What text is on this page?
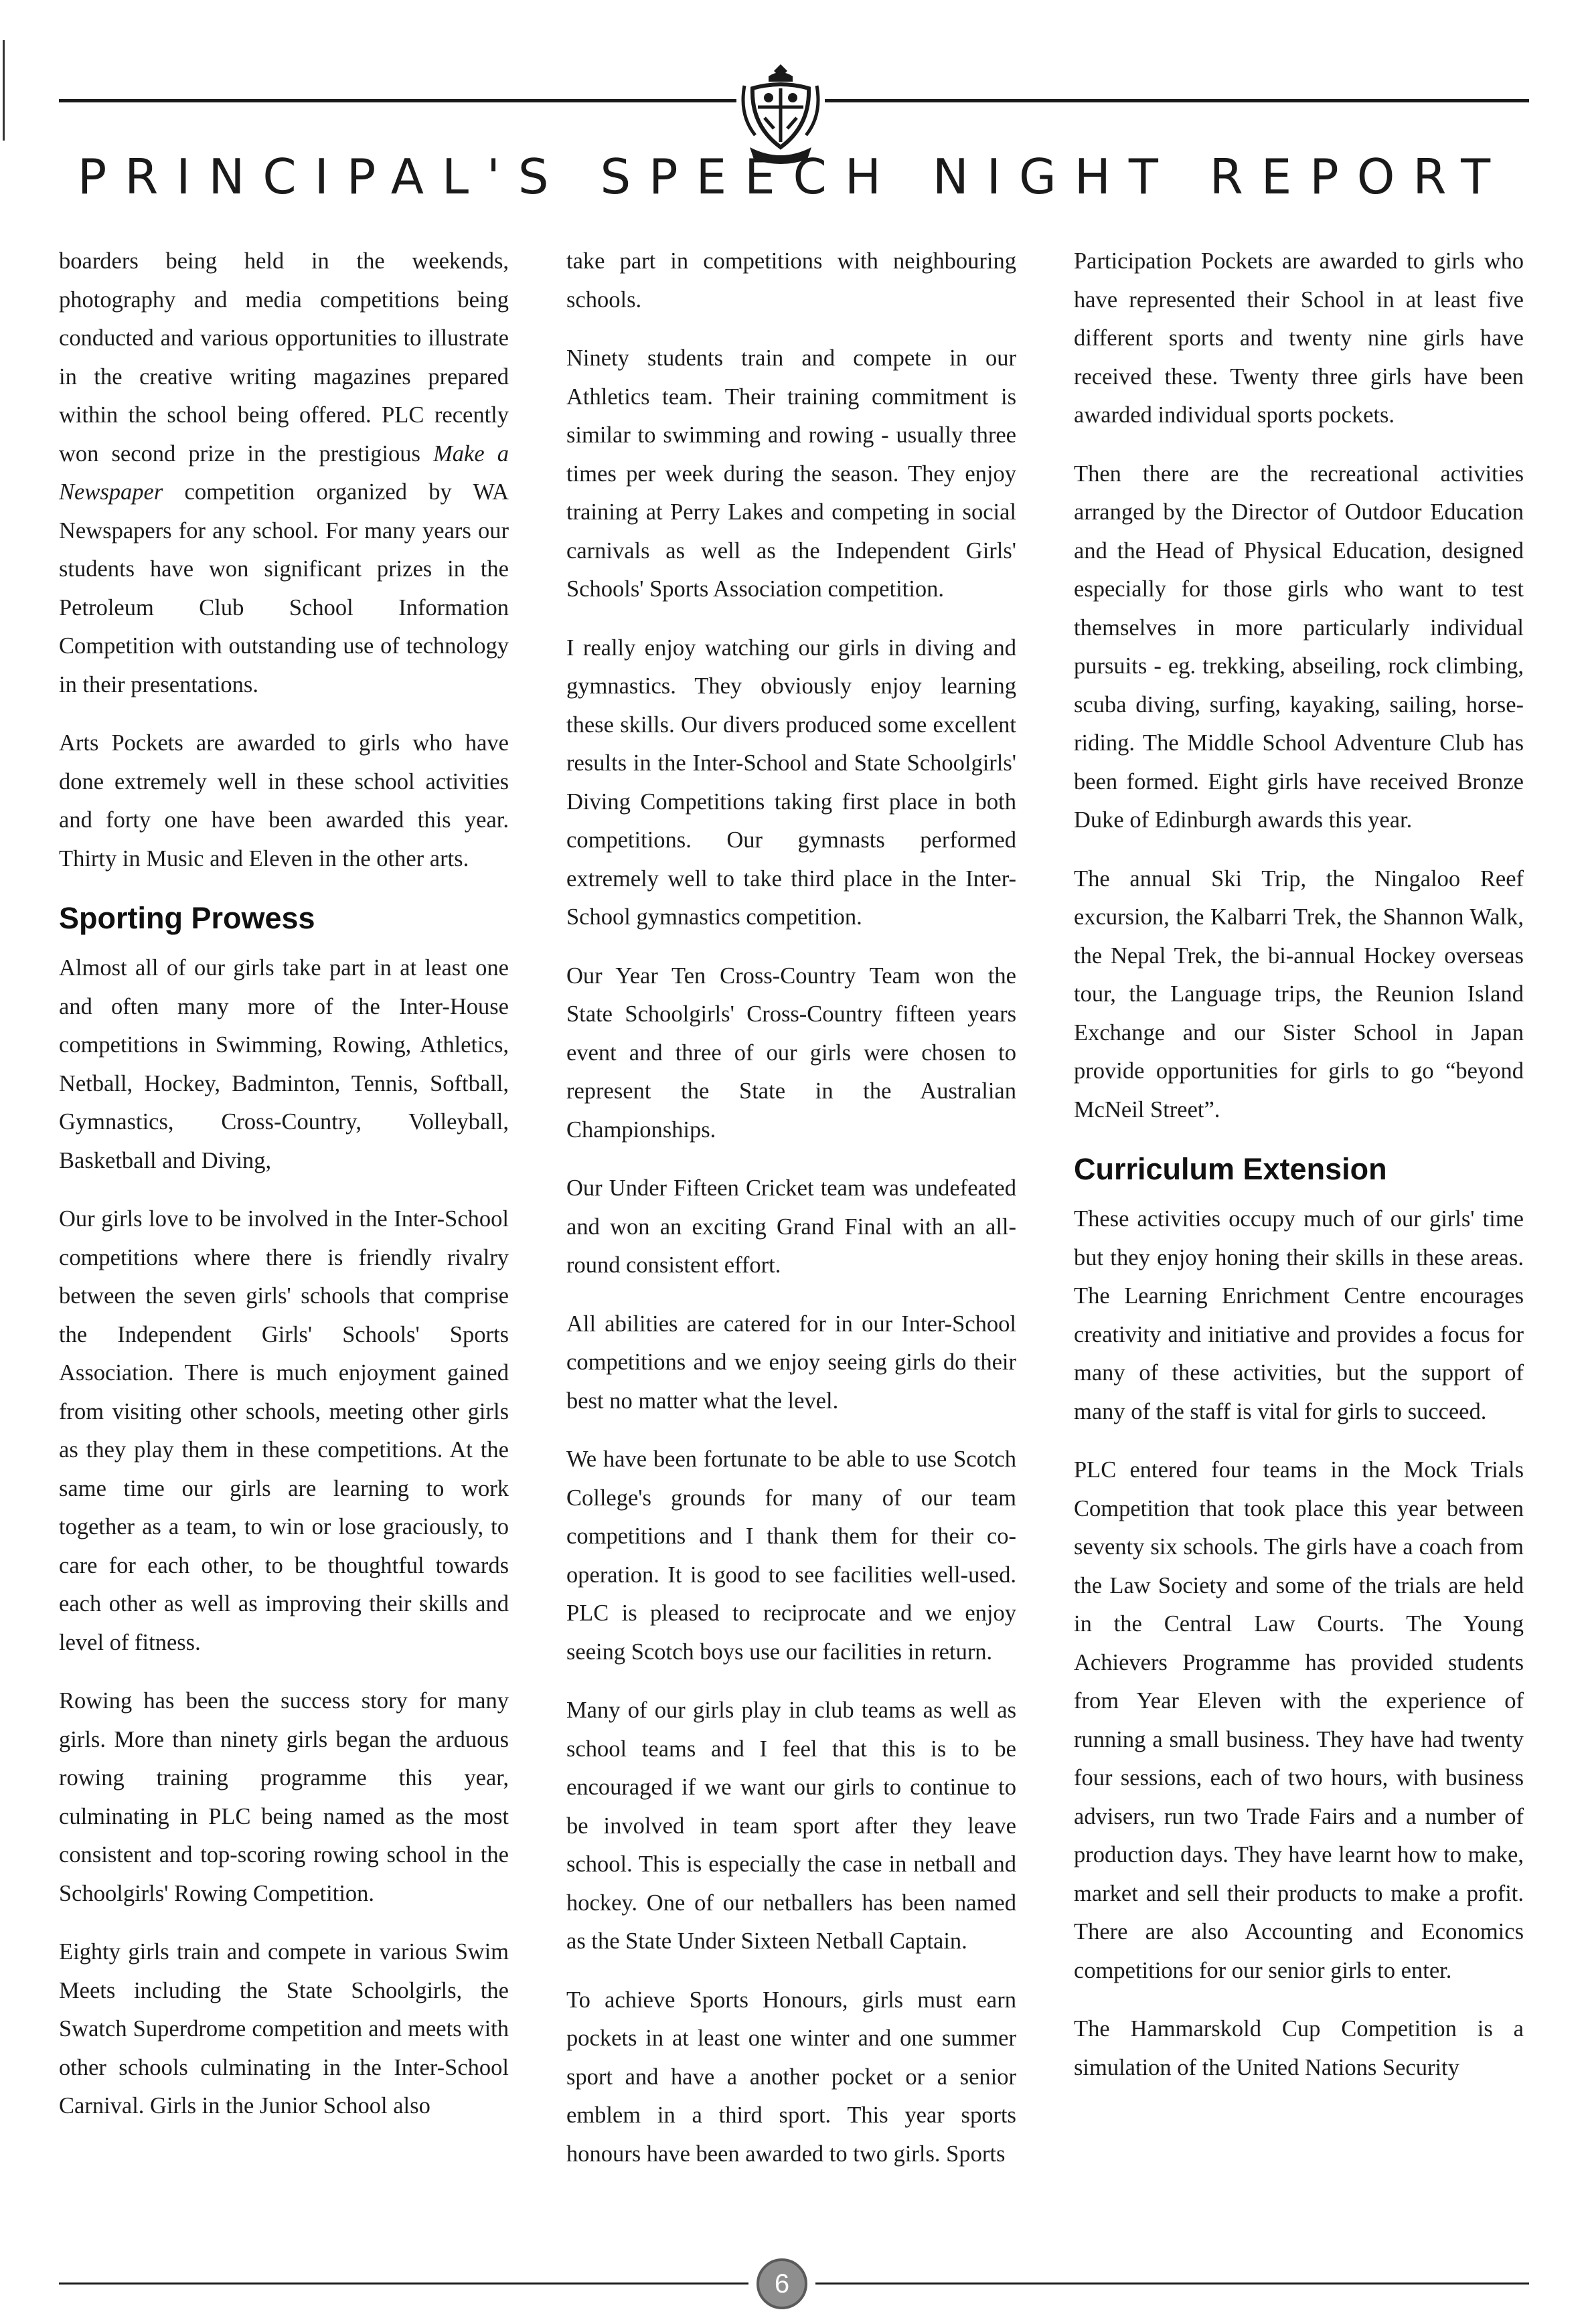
PRINCIPAL'S SPEECH NIGHT REPORT

boarders being held in the weekends, photography and media competitions being conducted and various opportunities to illustrate in the creative writing magazines prepared within the school being offered. PLC recently won second prize in the prestigious Make a Newspaper competition organized by WA Newspapers for any school. For many years our students have won significant prizes in the Petroleum Club School Information Competition with outstanding use of technology in their presentations.

Arts Pockets are awarded to girls who have done extremely well in these school activities and forty one have been awarded this year. Thirty in Music and Eleven in the other arts.

Sporting Prowess

Almost all of our girls take part in at least one and often many more of the Inter-House competitions in Swimming, Rowing, Athletics, Netball, Hockey, Badminton, Tennis, Softball, Gymnastics, Cross-Country, Volleyball, Basketball and Diving,

Our girls love to be involved in the Inter-School competitions where there is friendly rivalry between the seven girls' schools that comprise the Independent Girls' Schools' Sports Association. There is much enjoyment gained from visiting other schools, meeting other girls as they play them in these competitions. At the same time our girls are learning to work together as a team, to win or lose graciously, to care for each other, to be thoughtful towards each other as well as improving their skills and level of fitness.

Rowing has been the success story for many girls. More than ninety girls began the arduous rowing training programme this year, culminating in PLC being named as the most consistent and top-scoring rowing school in the Schoolgirls' Rowing Competition.

Eighty girls train and compete in various Swim Meets including the State Schoolgirls, the Swatch Superdrome competition and meets with other schools culminating in the Inter-School Carnival. Girls in the Junior School also

take part in competitions with neighbouring schools.

Ninety students train and compete in our Athletics team. Their training commitment is similar to swimming and rowing - usually three times per week during the season. They enjoy training at Perry Lakes and competing in social carnivals as well as the Independent Girls' Schools' Sports Association competition.

I really enjoy watching our girls in diving and gymnastics. They obviously enjoy learning these skills. Our divers produced some excellent results in the Inter-School and State Schoolgirls' Diving Competitions taking first place in both competitions. Our gymnasts performed extremely well to take third place in the Inter-School gymnastics competition.

Our Year Ten Cross-Country Team won the State Schoolgirls' Cross-Country fifteen years event and three of our girls were chosen to represent the State in the Australian Championships.

Our Under Fifteen Cricket team was undefeated and won an exciting Grand Final with an all-round consistent effort.

All abilities are catered for in our Inter-School competitions and we enjoy seeing girls do their best no matter what the level.

We have been fortunate to be able to use Scotch College's grounds for many of our team competitions and I thank them for their co-operation. It is good to see facilities well-used. PLC is pleased to reciprocate and we enjoy seeing Scotch boys use our facilities in return.

Many of our girls play in club teams as well as school teams and I feel that this is to be encouraged if we want our girls to continue to be involved in team sport after they leave school. This is especially the case in netball and hockey. One of our netballers has been named as the State Under Sixteen Netball Captain.

To achieve Sports Honours, girls must earn pockets in at least one winter and one summer sport and have a another pocket or a senior emblem in a third sport. This year sports honours have been awarded to two girls. Sports

Participation Pockets are awarded to girls who have represented their School in at least five different sports and twenty nine girls have received these. Twenty three girls have been awarded individual sports pockets.

Then there are the recreational activities arranged by the Director of Outdoor Education and the Head of Physical Education, designed especially for those girls who want to test themselves in more particularly individual pursuits - eg. trekking, abseiling, rock climbing, scuba diving, surfing, kayaking, sailing, horse-riding. The Middle School Adventure Club has been formed. Eight girls have received Bronze Duke of Edinburgh awards this year.

The annual Ski Trip, the Ningaloo Reef excursion, the Kalbarri Trek, the Shannon Walk, the Nepal Trek, the bi-annual Hockey overseas tour, the Language trips, the Reunion Island Exchange and our Sister School in Japan provide opportunities for girls to go “beyond McNeil Street”.

Curriculum Extension

These activities occupy much of our girls' time but they enjoy honing their skills in these areas. The Learning Enrichment Centre encourages creativity and initiative and provides a focus for many of these activities, but the support of many of the staff is vital for girls to succeed.

PLC entered four teams in the Mock Trials Competition that took place this year between seventy six schools. The girls have a coach from the Law Society and some of the trials are held in the Central Law Courts. The Young Achievers Programme has provided students from Year Eleven with the experience of running a small business. They have had twenty four sessions, each of two hours, with business advisers, run two Trade Fairs and a number of production days. They have learnt how to make, market and sell their products to make a profit. There are also Accounting and Economics competitions for our senior girls to enter.

The Hammarskold Cup Competition is a simulation of the United Nations Security

6
